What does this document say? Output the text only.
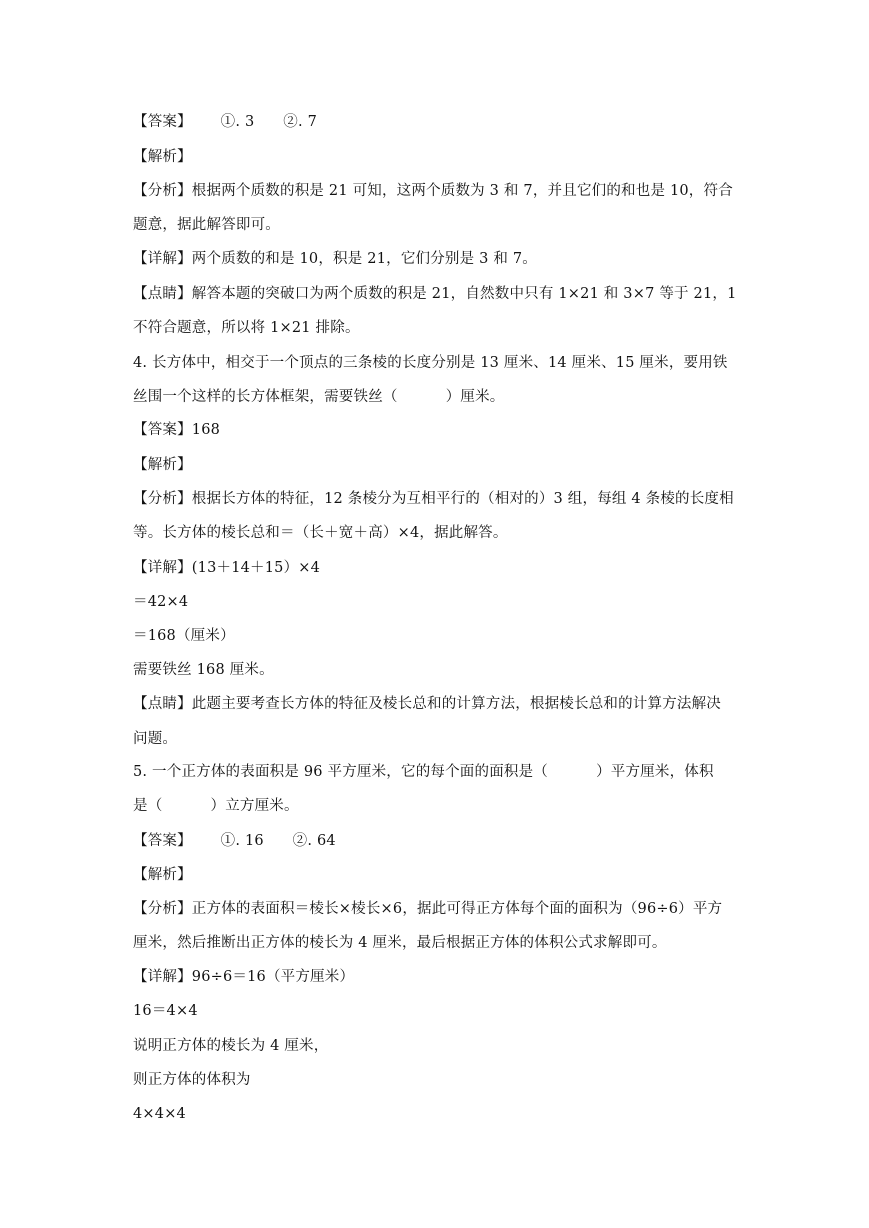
【答案】      ①. 3      ②. 7
【解析】
【分析】根据两个质数的积是 21 可知，这两个质数为 3 和 7，并且它们的和也是 10，符合
题意，据此解答即可。
【详解】两个质数的和是 10，积是 21，它们分别是 3 和 7。
【点睛】解答本题的突破口为两个质数的积是 21，自然数中只有 1×21 和 3×7 等于 21，1
不符合题意，所以将 1×21 排除。
4. 长方体中，相交于一个顶点的三条棱的长度分别是 13 厘米、14 厘米、15 厘米，要用铁
丝围一个这样的长方体框架，需要铁丝（          ）厘米。
【答案】168
【解析】
【分析】根据长方体的特征，12 条棱分为互相平行的（相对的）3 组，每组 4 条棱的长度相
等。长方体的棱长总和＝（长＋宽＋高）×4，据此解答。
【详解】(13＋14＋15）×4
＝42×4
＝168（厘米）
需要铁丝 168 厘米。
【点睛】此题主要考查长方体的特征及棱长总和的计算方法，根据棱长总和的计算方法解决
问题。
5. 一个正方体的表面积是 96 平方厘米，它的每个面的面积是（          ）平方厘米，体积
是（          ）立方厘米。
【答案】      ①. 16      ②. 64
【解析】
【分析】正方体的表面积＝棱长×棱长×6，据此可得正方体每个面的面积为（96÷6）平方
厘米，然后推断出正方体的棱长为 4 厘米，最后根据正方体的体积公式求解即可。
【详解】96÷6＝16（平方厘米）
16＝4×4
说明正方体的棱长为 4 厘米，
则正方体的体积为
4×4×4
